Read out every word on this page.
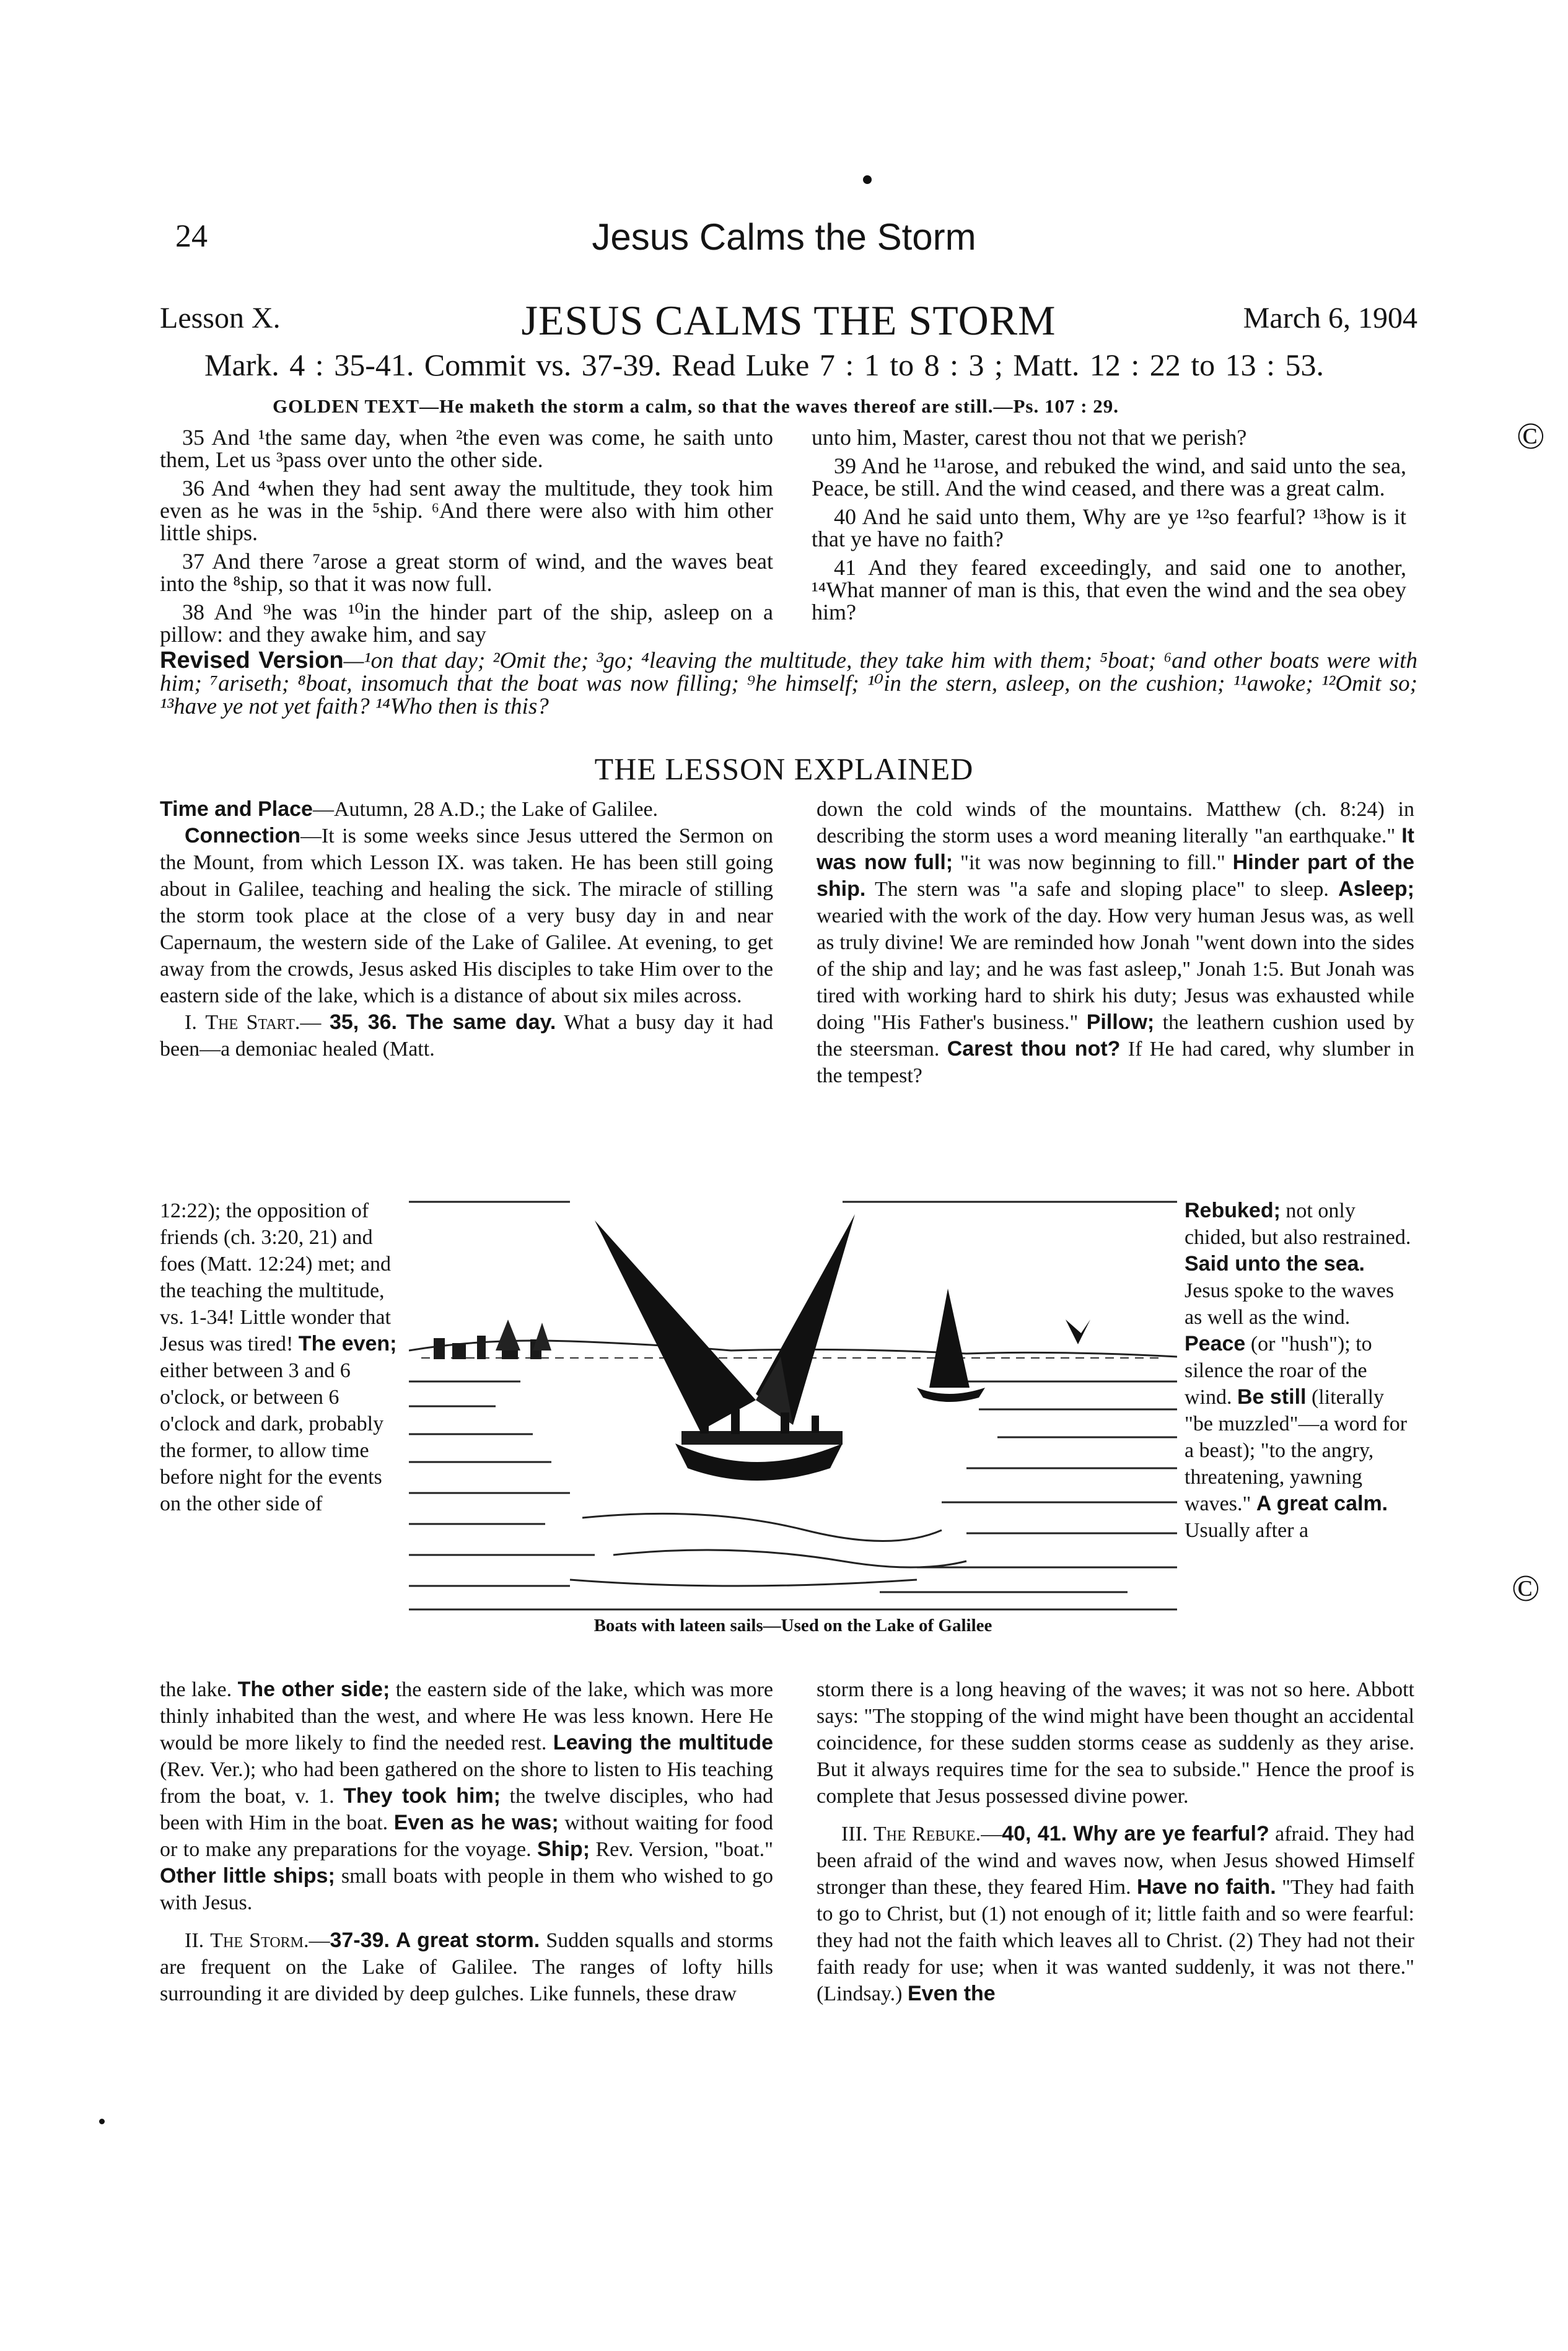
24	Jesus Calms the Storm
Lesson X.	JESUS CALMS THE STORM	March 6, 1904
Mark. 4 : 35-41. Commit vs. 37-39. Read Luke 7 : 1 to 8 : 3 ; Matt. 12 : 22 to 13 : 53.
GOLDEN TEXT—He maketh the storm a calm, so that the waves thereof are still.—Ps. 107 : 29.

35 And ¹the same day, when ²the even was come, he saith unto them, Let us ³pass over unto the other side.

36 And ⁴when they had sent away the multitude, they took him even as he was in the ⁵ship. ⁶And there were also with him other little ships.

37 And there ⁷arose a great storm of wind, and the waves beat into the ⁸ship, so that it was now full.

38 And ⁹he was ¹⁰in the hinder part of the ship, asleep on a pillow: and they awake him, and say

unto him, Master, carest thou not that we perish?

39 And he ¹¹arose, and rebuked the wind, and said unto the sea, Peace, be still. And the wind ceased, and there was a great calm.

40 And he said unto them, Why are ye ¹²so fearful? ¹³how is it that ye have no faith?

41 And they feared exceedingly, and said one to another, ¹⁴What manner of man is this, that even the wind and the sea obey him?

©
Revised Version—¹on that day; ²Omit the; ³go; ⁴leaving the multitude, they take him with them; ⁵boat; ⁶and other boats were with him; ⁷ariseth; ⁸boat, insomuch that the boat was now filling; ⁹he himself; ¹⁰in the stern, asleep, on the cushion; ¹¹awoke; ¹²Omit so; ¹³have ye not yet faith? ¹⁴Who then is this?
THE LESSON EXPLAINED

Time and Place—Autumn, 28 A.D.; the Lake of Galilee.

Connection—It is some weeks since Jesus uttered the Sermon on the Mount, from which Lesson IX. was taken. He has been still going about in Galilee, teaching and healing the sick. The miracle of stilling the storm took place at the close of a very busy day in and near Capernaum, the western side of the Lake of Galilee. At evening, to get away from the crowds, Jesus asked His disciples to take Him over to the eastern side of the lake, which is a distance of about six miles across.

I. The Start.— 35, 36. The same day. What a busy day it had been—a demoniac healed (Matt.

12:22); the opposition of friends (ch. 3:20, 21) and foes (Matt. 12:24) met; and the teaching the multitude, vs. 1-34! Little wonder that Jesus was tired! The even; either between 3 and 6 o'clock, or between 6 o'clock and dark, probably the former, to allow time before night for the events on the other side of

Boats with lateen sails—Used on the Lake of Galilee

the lake. The other side; the eastern side of the lake, which was more thinly inhabited than the west, and where He was less known. Here He would be more likely to find the needed rest. Leaving the multitude (Rev. Ver.); who had been gathered on the shore to listen to His teaching from the boat, v. 1. They took him; the twelve disciples, who had been with Him in the boat. Even as he was; without waiting for food or to make any preparations for the voyage. Ship; Rev. Version, "boat." Other little ships; small boats with people in them who wished to go with Jesus.

II. The Storm.—37-39. A great storm. Sudden squalls and storms are frequent on the Lake of Galilee. The ranges of lofty hills surrounding it are divided by deep gulches. Like funnels, these draw

down the cold winds of the mountains. Matthew (ch. 8:24) in describing the storm uses a word meaning literally "an earthquake." It was now full; "it was now beginning to fill." Hinder part of the ship. The stern was "a safe and sloping place" to sleep. Asleep; wearied with the work of the day. How very human Jesus was, as well as truly divine! We are reminded how Jonah "went down into the sides of the ship and lay; and he was fast asleep," Jonah 1:5. But Jonah was tired with working hard to shirk his duty; Jesus was exhausted while doing "His Father's business." Pillow; the leathern cushion used by the steersman. Carest thou not? If He had cared, why slumber in the tempest?

Rebuked; not only chided, but also restrained. Said unto the sea. Jesus spoke to the waves as well as the wind. Peace (or "hush"); to silence the roar of the wind. Be still (literally "be muzzled"—a word for a beast); "to the angry, threatening, yawning waves." A great calm. Usually after a

storm there is a long heaving of the waves; it was not so here. Abbott says: "The stopping of the wind might have been thought an accidental coincidence, for these sudden storms cease as suddenly as they arise. But it always requires time for the sea to subside." Hence the proof is complete that Jesus possessed divine power.

III. The Rebuke.—40, 41. Why are ye fearful? afraid. They had been afraid of the wind and waves now, when Jesus showed Himself stronger than these, they feared Him. Have no faith. "They had faith to go to Christ, but (1) not enough of it; little faith and so were fearful: they had not the faith which leaves all to Christ. (2) They had not their faith ready for use; when it was wanted suddenly, it was not there." (Lindsay.) Even the

©
